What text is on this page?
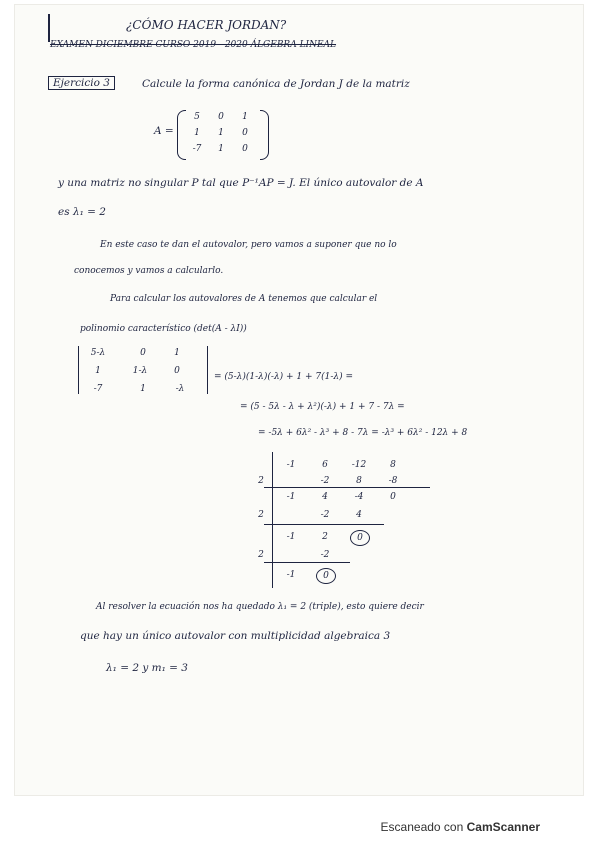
¿CÓMO HACER JORDAN?
EXAMEN DICIEMBRE CURSO 2019 - 2020 ÁLGEBRA LINEAL
Ejercicio 3	Calcule la forma canónica de Jordan J de la matriz
A =
5	0	1
1	1	0
-7	1	0
y una matriz no singular P tal que P⁻¹AP = J. El único autovalor de A
es λ₁ = 2
En este caso te dan el autovalor, pero vamos a suponer que no lo
conocemos y vamos a calcularlo.
Para calcular los autovalores de A tenemos que calcular el
polinomio característico (det(A - λI))
5-λ	0	1
1	1-λ	0
-7	1	-λ
= (5-λ)(1-λ)(-λ) + 1 + 7(1-λ) =
= (5 - 5λ - λ + λ²)(-λ) + 1 + 7 - 7λ =
= -5λ + 6λ² - λ³ + 8 - 7λ = -λ³ + 6λ² - 12λ + 8
-1	6	-12	8
2	-2	8	-8
-1	4	-4	0
2	-2	4
-1	2	0
2	-2
-1	0
Al resolver la ecuación nos ha quedado λ₁ = 2 (triple), esto quiere decir
que hay un único autovalor con multiplicidad algebraica 3
λ₁ = 2 y m₁ = 3
Escaneado con CamScanner
